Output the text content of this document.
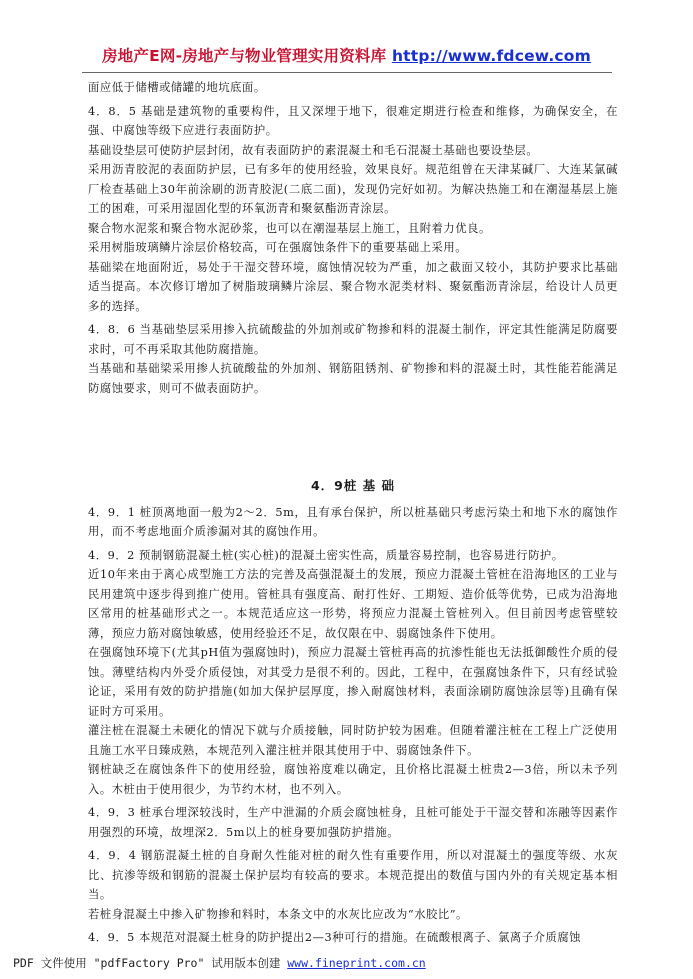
房地产E网-房地产与物业管理实用资料库 http://www.fdcew.com

面应低于储槽或储罐的地坑底面。

4．8．5 基础是建筑物的重要构件，且又深埋于地下，很难定期进行检查和维修，为确保安全，在强、中腐蚀等级下应进行表面防护。

基础设垫层可使防护层封闭，故有表面防护的素混凝土和毛石混凝土基础也要设垫层。

采用沥青胶泥的表面防护层，已有多年的使用经验，效果良好。规范组曾在天津某碱厂、大连某氯碱厂检查基础上30年前涂刷的沥青胶泥(二底二面)，发现仍完好如初。为解决热施工和在潮湿基层上施工的困难，可采用湿固化型的环氧沥青和聚氨酯沥青涂层。

聚合物水泥浆和聚合物水泥砂浆，也可以在潮湿基层上施工，且附着力优良。

采用树脂玻璃鳞片涂层价格较高，可在强腐蚀条件下的重要基础上采用。

基础梁在地面附近，易处于干湿交替环境，腐蚀情况较为严重，加之截面又较小，其防护要求比基础适当提高。本次修订增加了树脂玻璃鳞片涂层、聚合物水泥类材料、聚氨酯沥青涂层，给设计人员更多的选择。

4．8．6 当基础垫层采用掺入抗硫酸盐的外加剂或矿物掺和料的混凝土制作，评定其性能满足防腐要求时，可不再采取其他防腐措施。

当基础和基础梁采用掺人抗硫酸盐的外加剂、钢筋阻锈剂、矿物掺和料的混凝土时，其性能若能满足防腐蚀要求，则可不做表面防护。

4．9桩 基 础

4．9．1 桩顶离地面一般为2～2．5m，且有承台保护，所以桩基础只考虑污染土和地下水的腐蚀作用，而不考虑地面介质渗漏对其的腐蚀作用。

4．9．2 预制钢筋混凝土桩(实心桩)的混凝土密实性高，质量容易控制，也容易进行防护。

近10年来由于离心成型施工方法的完善及高强混凝土的发展，预应力混凝土管桩在沿海地区的工业与民用建筑中逐步得到推广使用。管桩具有强度高、耐打性好、工期短、造价低等优势，已成为沿海地区常用的桩基础形式之一。本规范适应这一形势，将预应力混凝土管桩列入。但目前因考虑管壁较薄，预应力筋对腐蚀敏感，使用经验还不足，故仅限在中、弱腐蚀条件下使用。

在强腐蚀环境下(尤其pH值为强腐蚀时)，预应力混凝土管桩再高的抗渗性能也无法抵御酸性介质的侵蚀。薄壁结构内外受介质侵蚀，对其受力是很不利的。因此，工程中，在强腐蚀条件下，只有经试验论证，采用有效的防护措施(如加大保护层厚度，掺入耐腐蚀材料，表面涂刷防腐蚀涂层等)且确有保证时方可采用。

灌注桩在混凝土未硬化的情况下就与介质接触，同时防护较为困难。但随着灌注桩在工程上广泛使用且施工水平日臻成熟，本规范列入灌注桩并限其使用于中、弱腐蚀条件下。

钢桩缺乏在腐蚀条件下的使用经验，腐蚀裕度难以确定，且价格比混凝土桩贵2—3倍，所以未予列入。木桩由于使用很少，为节约木材，也不列入。

4．9．3 桩承台埋深较浅时，生产中泄漏的介质会腐蚀桩身，且桩可能处于干湿交替和冻融等因素作用强烈的环境，故埋深2．5m以上的桩身要加强防护措施。

4．9．4 钢筋混凝土桩的自身耐久性能对桩的耐久性有重要作用，所以对混凝土的强度等级、水灰比、抗渗等级和钢筋的混凝土保护层均有较高的要求。本规范提出的数值与国内外的有关规定基本相当。

若桩身混凝土中掺入矿物掺和料时，本条文中的水灰比应改为“水胶比”。

4．9．5 本规范对混凝土桩身的防护提出2—3种可行的措施。在硫酸根离子、氯离子介质腐蚀

PDF 文件使用 "pdfFactory Pro" 试用版本创建 www.fineprint.com.cn
